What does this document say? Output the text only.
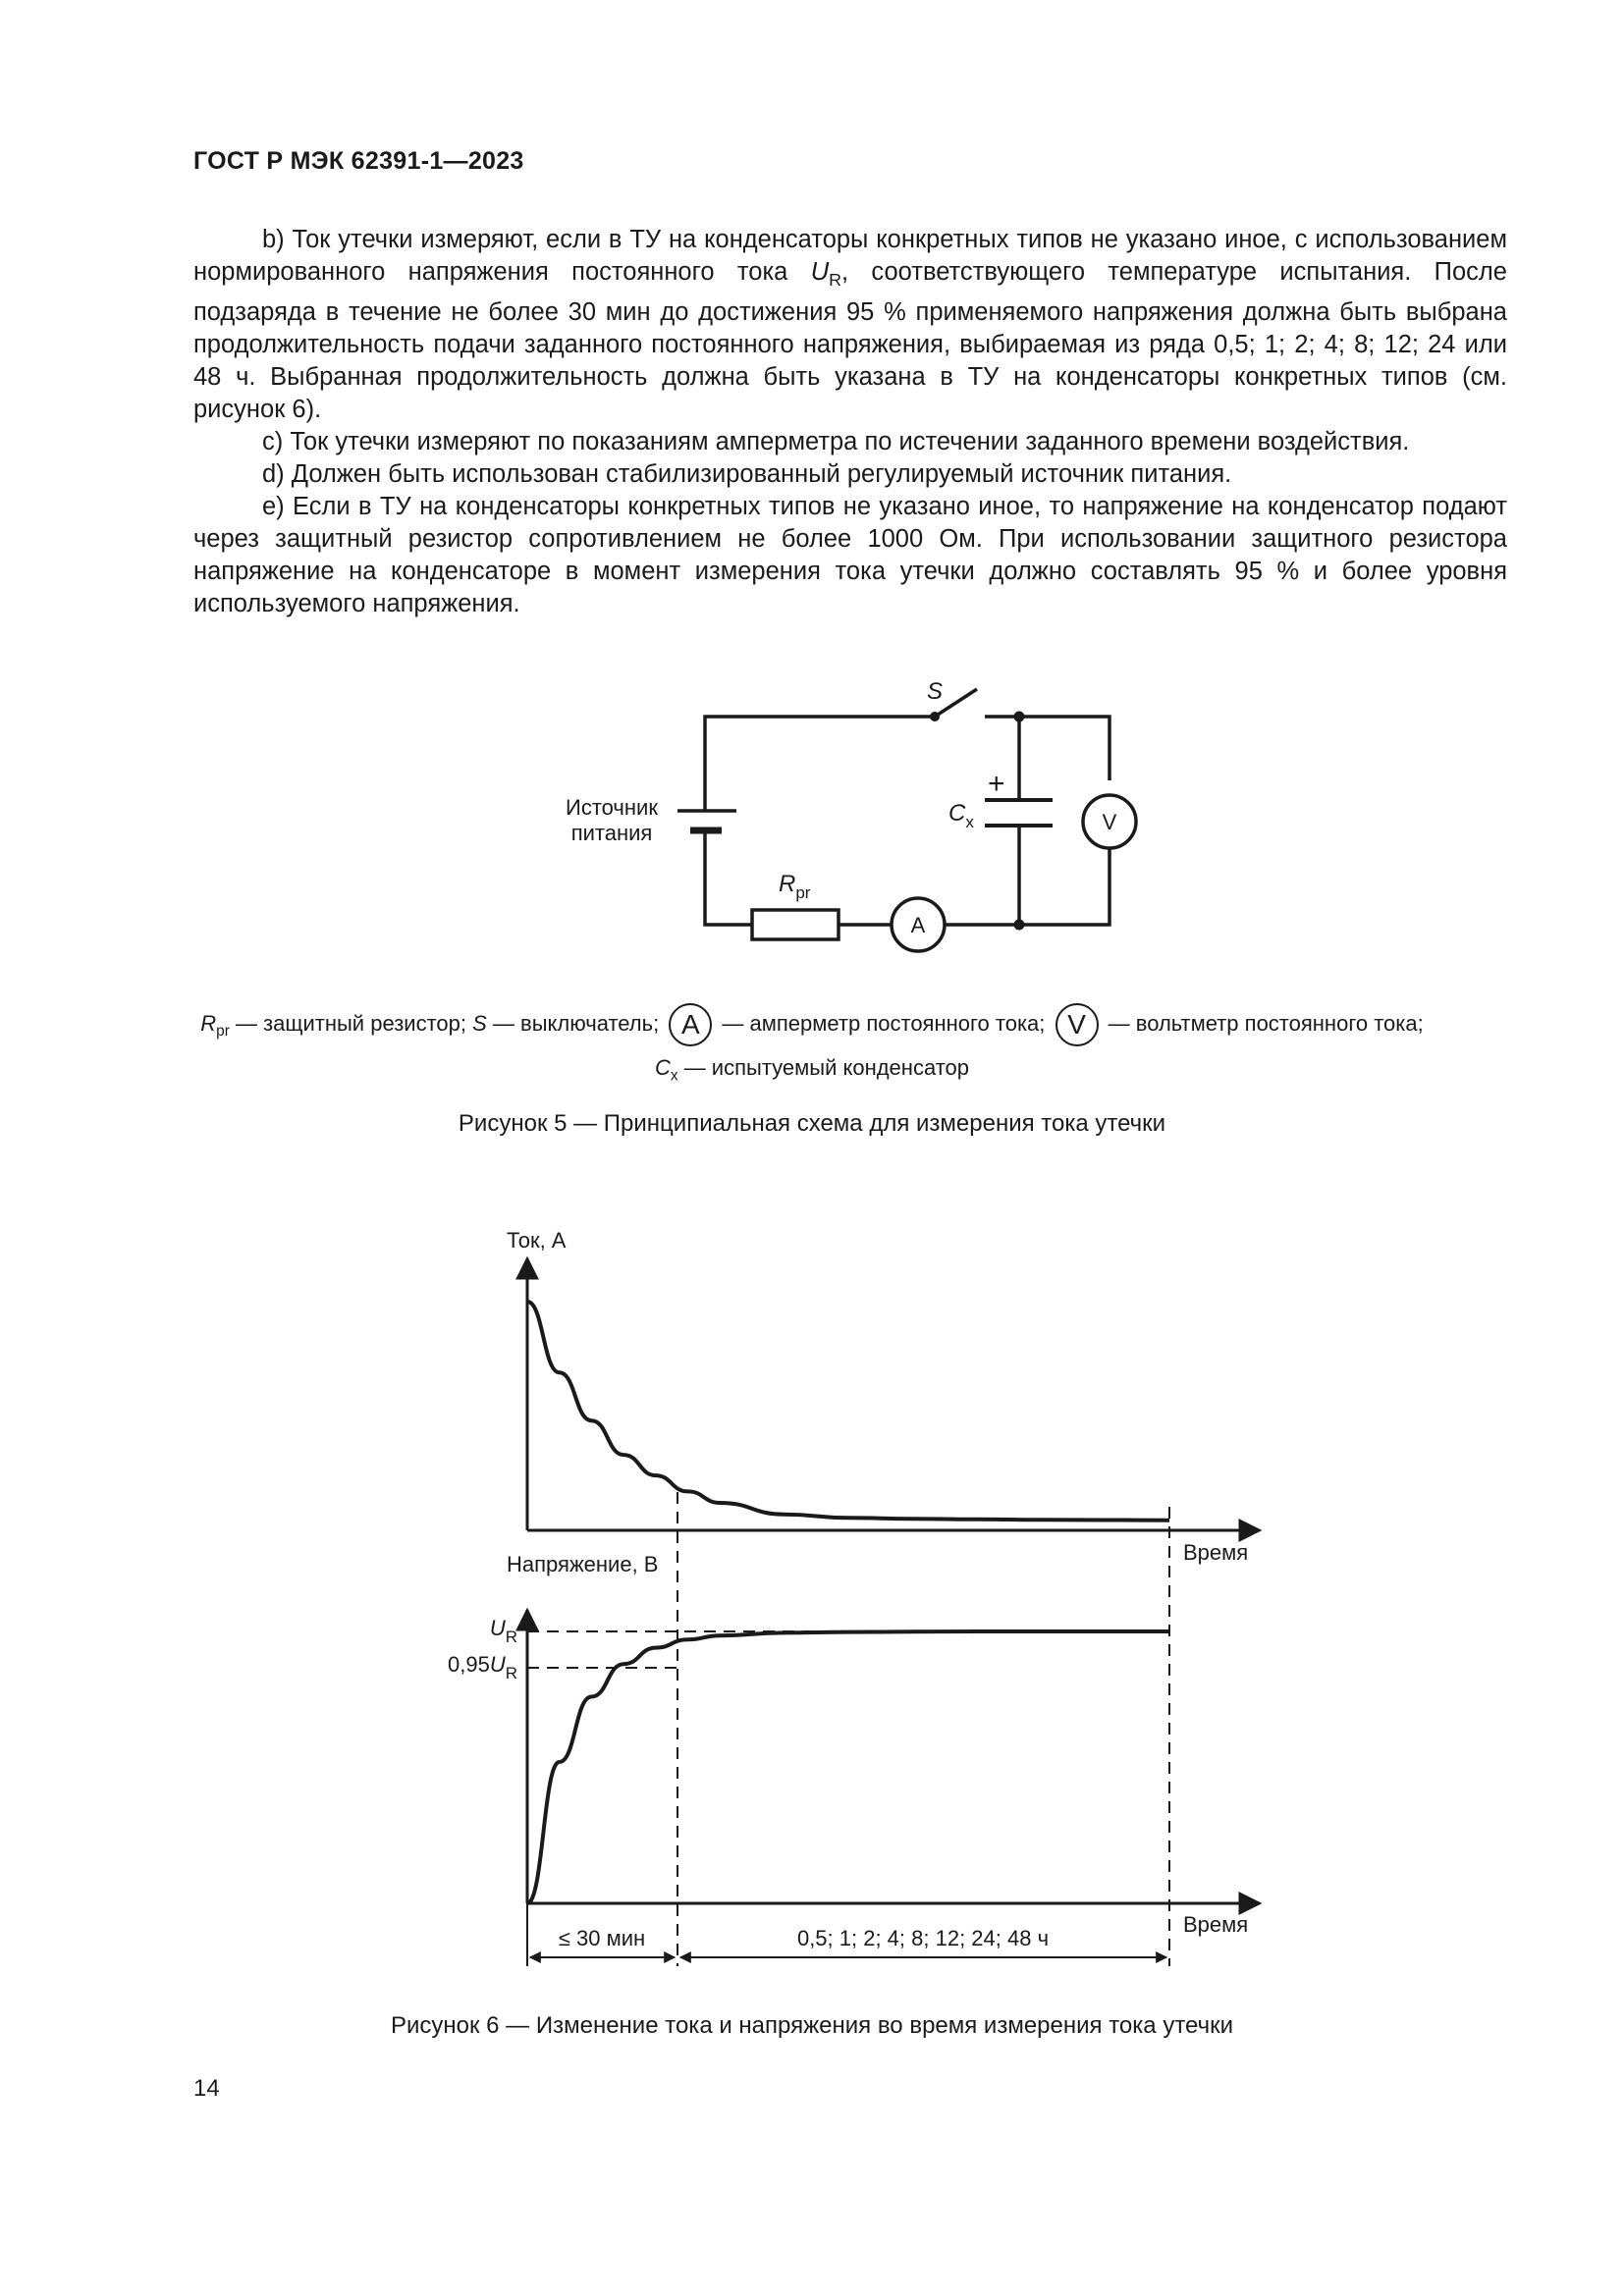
ГОСТ Р МЭК 62391-1—2023

b) Ток утечки измеряют, если в ТУ на конденсаторы конкретных типов не указано иное, с использованием нормированного напряжения постоянного тока $U_R$, соответствующего температуре испытания. После подзаряда в течение не более 30 мин до достижения 95 % применяемого напряжения должна быть выбрана продолжительность подачи заданного постоянного напряжения, выбираемая из ряда 0,5; 1; 2; 4; 8; 12; 24 или 48 ч. Выбранная продолжительность должна быть указана в ТУ на конденсаторы конкретных типов (см. рисунок 6).

c) Ток утечки измеряют по показаниям амперметра по истечении заданного времени воздействия.

d) Должен быть использован стабилизированный регулируемый источник питания.

e) Если в ТУ на конденсаторы конкретных типов не указано иное, то напряжение на конденсатор подают через защитный резистор сопротивлением не более 1000 Ом. При использовании защитного резистора напряжение на конденсаторе в момент измерения тока утечки должно составлять 95 % и более уровня используемого напряжения.

S
Источник
питания
+
$C_x$
$R_{pr}$
A
V
$R_{pr}$ — защитный резистор; S — выключатель; A — амперметр постоянного тока; V — вольтметр постоянного тока;
$C_x$ — испытуемый конденсатор
Рисунок 5 — Принципиальная схема для измерения тока утечки
Ток, А
Время
Напряжение, В
Время
$U_R$
$0,95U_R$
≤ 30 мин	0,5; 1; 2; 4; 8; 12; 24; 48 ч
Рисунок 6 — Изменение тока и напряжения во время измерения тока утечки
14
